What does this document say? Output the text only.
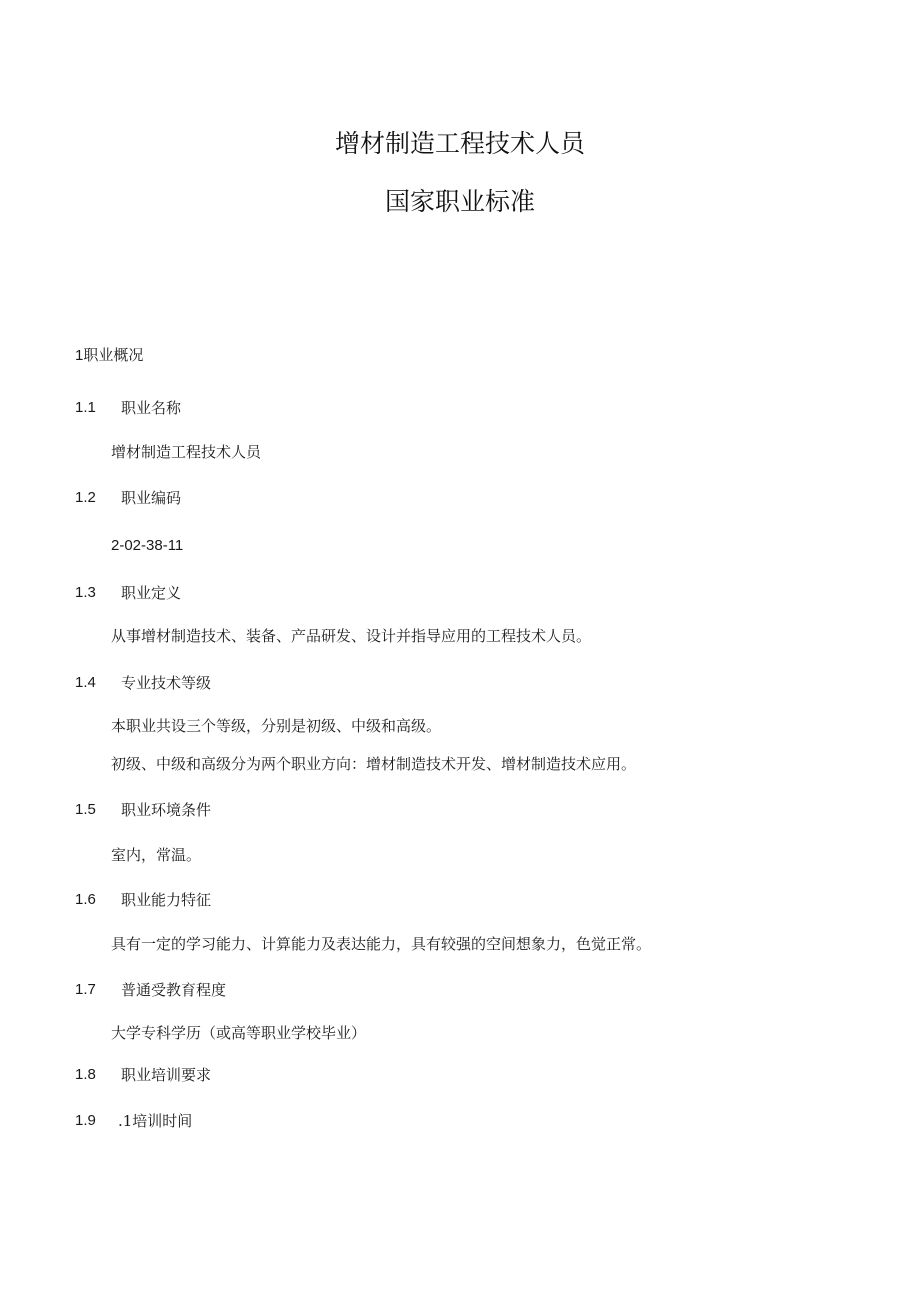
增材制造工程技术人员
国家职业标准
1职业概况
1.1 职业名称
增材制造工程技术人员
1.2 职业编码
2-02-38-11
1.3 职业定义
从事增材制造技术、装备、产品研发、设计并指导应用的工程技术人员。
1.4 专业技术等级
本职业共设三个等级，分别是初级、中级和高级。
初级、中级和高级分为两个职业方向：增材制造技术开发、增材制造技术应用。
1.5 职业环境条件
室内，常温。
1.6 职业能力特征
具有一定的学习能力、计算能力及表达能力，具有较强的空间想象力，色觉正常。
1.7 普通受教育程度
大学专科学历（或高等职业学校毕业）
1.8 职业培训要求
1.9 .1培训时间
